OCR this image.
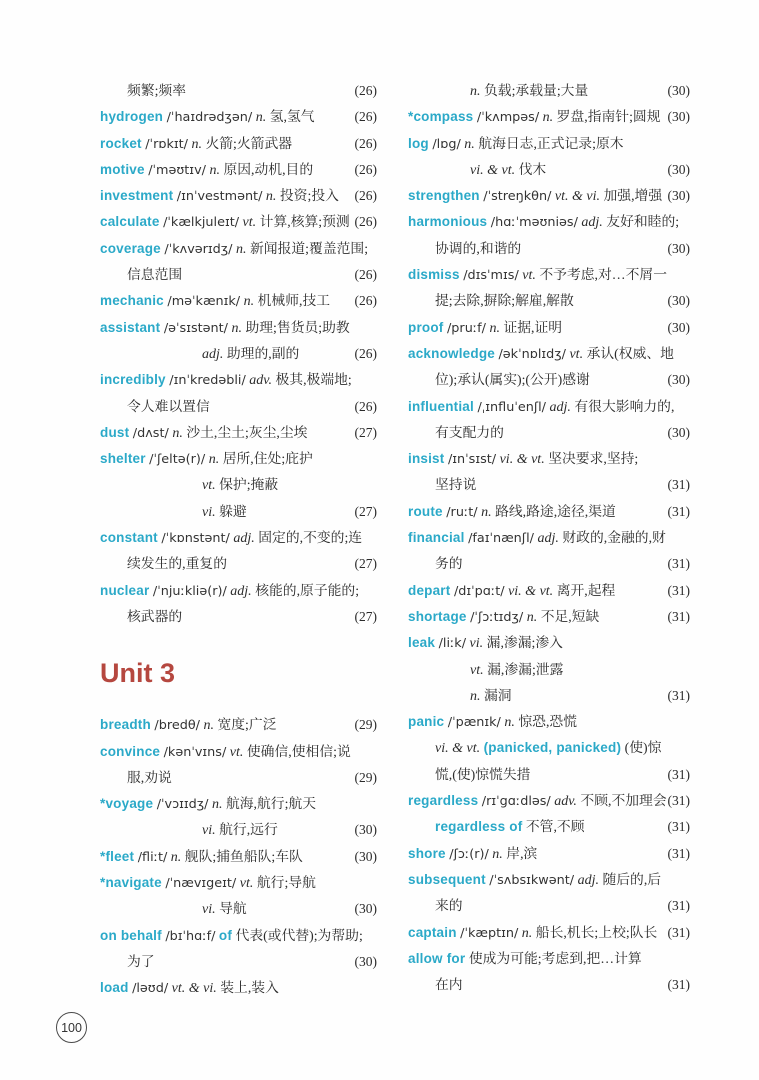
频繁;频率	(26)
hydrogen /ˈhaɪdrədʒən/ n. 氢,氢气	(26)
rocket /ˈrɒkɪt/ n. 火箭;火箭武器	(26)
motive /ˈməʊtɪv/ n. 原因,动机,目的	(26)
investment /ɪnˈvestmənt/ n. 投资;投入	(26)
calculate /ˈkælkjuleɪt/ vt. 计算,核算;预测 (26)
coverage /ˈkʌvərɪdʒ/ n. 新闻报道;覆盖范围;
信息范围	(26)
mechanic /məˈkænɪk/ n. 机械师,技工	(26)
assistant /əˈsɪstənt/ n. 助理;售货员;助教
adj. 助理的,副的	(26)
incredibly /ɪnˈkredəbli/ adv. 极其,极端地;
令人难以置信	(26)
dust /dʌst/ n. 沙土,尘土;灰尘,尘埃	(27)
shelter /ˈʃeltə(r)/ n. 居所,住处;庇护
vt. 保护;掩蔽
vi. 躲避	(27)
constant /ˈkɒnstənt/ adj. 固定的,不变的;连
续发生的,重复的	(27)
nuclear /ˈnjuːkliə(r)/ adj. 核能的,原子能的;
核武器的	(27)
Unit 3
breadth /bredθ/ n. 宽度;广泛	(29)
convince /kənˈvɪns/ vt. 使确信,使相信;说
服,劝说	(29)
*voyage /ˈvɔɪɪdʒ/ n. 航海,航行;航天
vi. 航行,远行	(30)
*fleet /fliːt/ n. 舰队;捕鱼船队;车队	(30)
*navigate /ˈnævɪgeɪt/ vt. 航行;导航
vi. 导航	(30)
on behalf /bɪˈhɑːf/ of 代表(或代替);为帮助;
为了	(30)
load /ləʊd/ vt. & vi. 装上,装入
n. 负载;承载量;大量	(30)
*compass /ˈkʌmpəs/ n. 罗盘,指南针;圆规 (30)
log /lɒg/ n. 航海日志,正式记录;原木
vi. & vt. 伐木	(30)
strengthen /ˈstreŋkθn/ vt. & vi. 加强,增强 (30)
harmonious /hɑːˈməʊniəs/ adj. 友好和睦的;
协调的,和谐的	(30)
dismiss /dɪsˈmɪs/ vt. 不予考虑,对…不屑一
提;去除,摒除;解雇,解散	(30)
proof /pruːf/ n. 证据,证明	(30)
acknowledge /əkˈnɒlɪdʒ/ vt. 承认(权威、地
位);承认(属实);(公开)感谢	(30)
influential /ˌɪnfluˈenʃl/ adj. 有很大影响力的,
有支配力的	(30)
insist /ɪnˈsɪst/ vi. & vt. 坚决要求,坚持;
坚持说	(31)
route /ruːt/ n. 路线,路途,途径,渠道	(31)
financial /faɪˈnænʃl/ adj. 财政的,金融的,财
务的	(31)
depart /dɪˈpɑːt/ vi. & vt. 离开,起程	(31)
shortage /ˈʃɔːtɪdʒ/ n. 不足,短缺	(31)
leak /liːk/ vi. 漏,渗漏;渗入
vt. 漏,渗漏;泄露
n. 漏洞	(31)
panic /ˈpænɪk/ n. 惊恐,恐慌
vi. & vt. (panicked, panicked) (使)惊
慌,(使)惊慌失措	(31)
regardless /rɪˈgɑːdləs/ adv. 不顾,不加理会 (31)
regardless of 不管,不顾	(31)
shore /ʃɔː(r)/ n. 岸,滨	(31)
subsequent /ˈsʌbsɪkwənt/ adj. 随后的,后
来的	(31)
captain /ˈkæptɪn/ n. 船长,机长;上校;队长 (31)
allow for 使成为可能;考虑到,把…计算
在内	(31)
100
